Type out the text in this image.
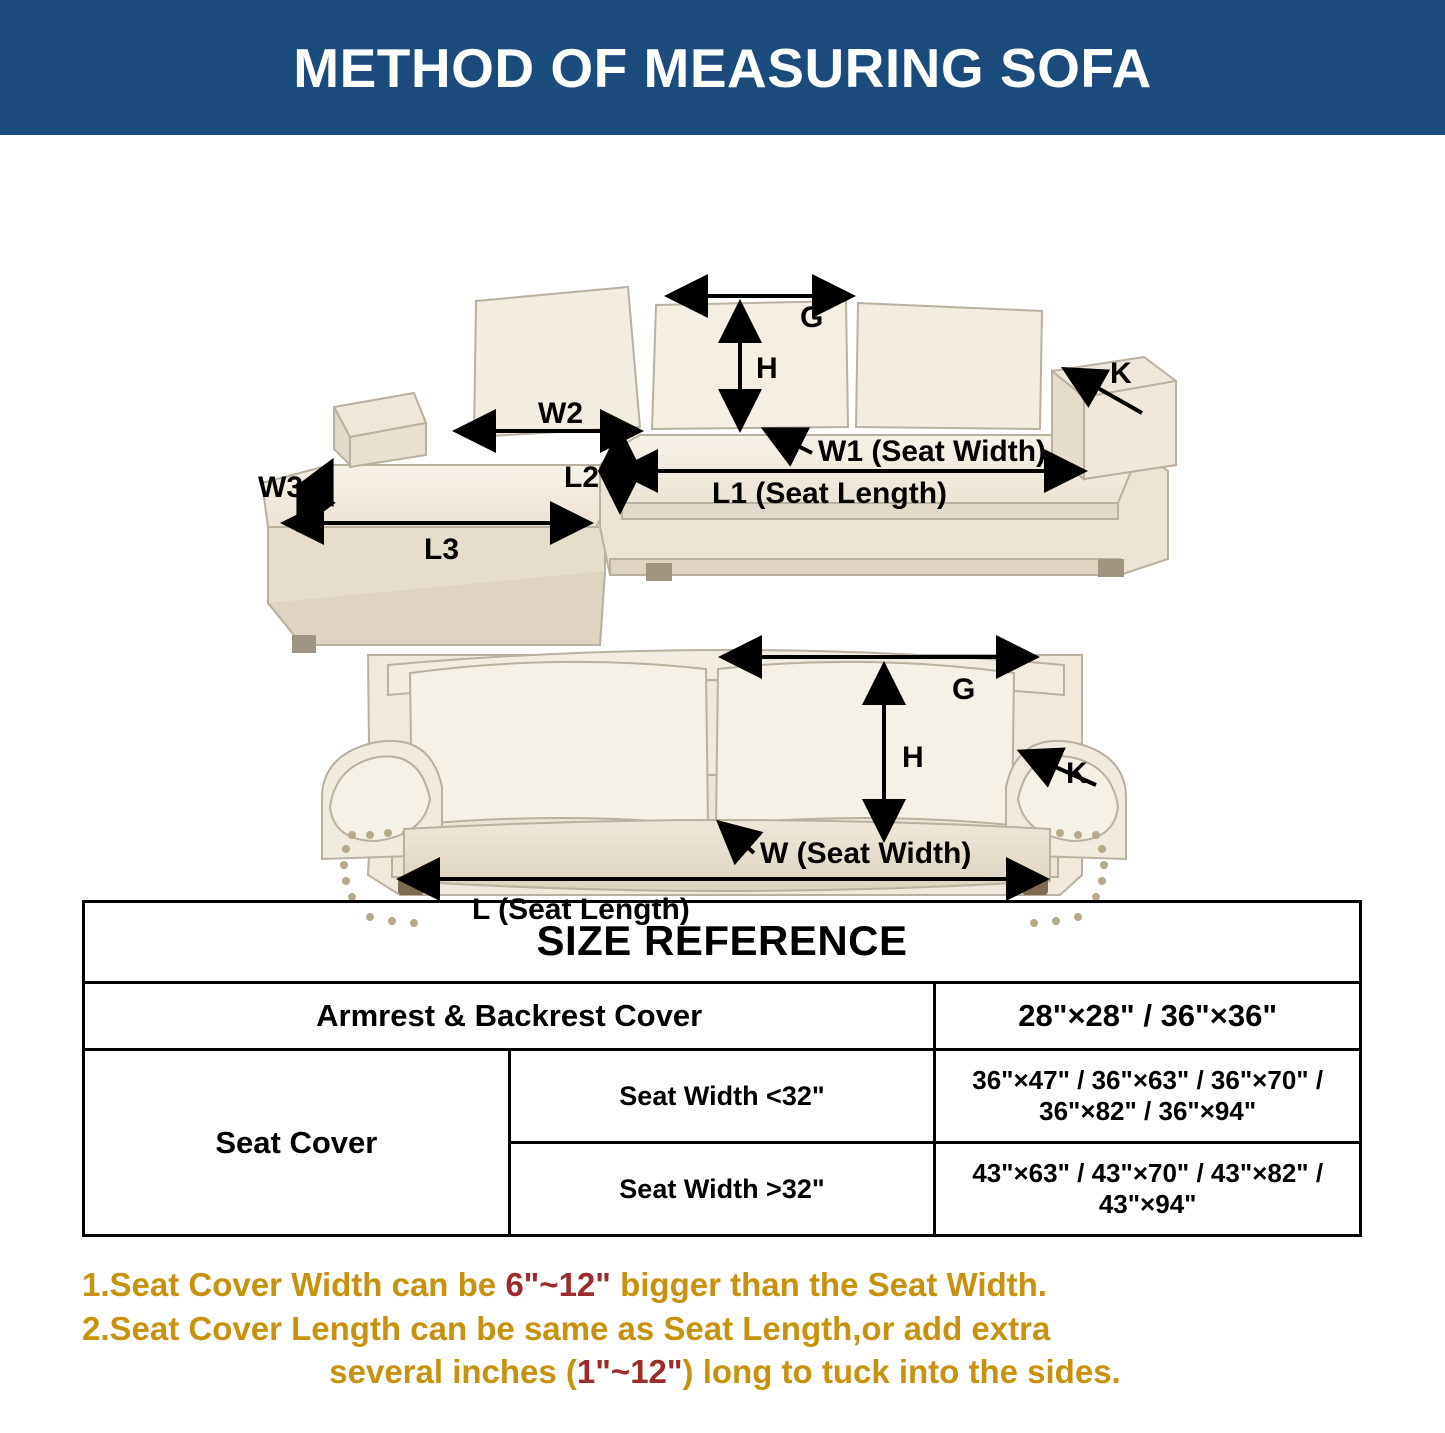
METHOD OF MEASURING SOFA
G
H	K
W1 (Seat Width)
L1 (Seat Length)
W2
L2
W3
L3
G
H	K
W (Seat Width)
L (Seat Length)
SIZE REFERENCE		
Armrest & Backrest Cover		28"×28" / 36"×36"
Seat Cover	Seat Width <32"	36"×47" / 36"×63" / 36"×70" / 36"×82" / 36"×94"
	Seat Width >32"	43"×63" / 43"×70" / 43"×82" / 43"×94"
1.Seat Cover Width can be 6"~12" bigger than the Seat Width.
2.Seat Cover Length can be same as Seat Length,or add extra
several inches (1"~12") long to tuck into the sides.
